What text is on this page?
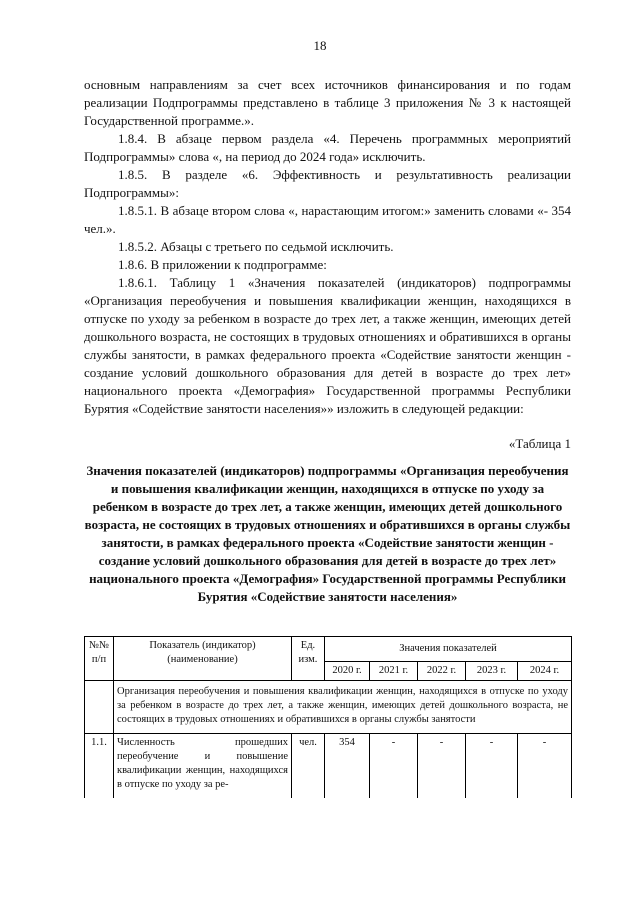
18

основным направлениям за счет всех источников финансирования и по годам реализации Подпрограммы представлено в таблице 3 приложения № 3 к настоящей Государственной программе.».

1.8.4. В абзаце первом раздела «4. Перечень программных мероприятий Подпрограммы» слова «, на период до 2024 года» исключить.

1.8.5. В разделе «6. Эффективность и результативность реализации Подпрограммы»:

1.8.5.1. В абзаце втором слова «, нарастающим итогом:» заменить словами «- 354 чел.».

1.8.5.2. Абзацы с третьего по седьмой исключить.

1.8.6. В приложении к подпрограмме:

1.8.6.1. Таблицу 1 «Значения показателей (индикаторов) подпрограммы «Организация переобучения и повышения квалификации женщин, находящихся в отпуске по уходу за ребенком в возрасте до трех лет, а также женщин, имеющих детей дошкольного возраста, не состоящих в трудовых отношениях и обратившихся в органы службы занятости, в рамках федерального проекта «Содействие занятости женщин - создание условий дошкольного образования для детей в возрасте до трех лет» национального проекта «Демография» Государственной программы Республики Бурятия «Содействие занятости населения»» изложить в следующей редакции:

«Таблица 1
Значения показателей (индикаторов) подпрограммы «Организация переобучения и повышения квалификации женщин, находящихся в отпуске по уходу за ребенком в возрасте до трех лет, а также женщин, имеющих детей дошкольного возраста, не состоящих в трудовых отношениях и обратившихся в органы службы занятости, в рамках федерального проекта «Содействие занятости женщин - создание условий дошкольного образования для детей в возрасте до трех лет» национального проекта «Демография» Государственной программы Республики Бурятия «Содействие занятости населения»
№№ п/п	Показатель (индикатор) (наименование)	Ед. изм.	Значения показателей				
			2020 г.	2021 г.	2022 г.	2023 г.	2024 г.
	Организация переобучения и повышения квалификации женщин, находящихся в отпуске по уходу за ребенком в возрасте до трех лет, а также женщин, имеющих детей дошкольного возраста, не состоящих в трудовых отношениях и обратившихся в органы службы занятости						
1.1.	Численность прошедших переобучение и повышение квалификации женщин, находящихся в отпуске по уходу за ре-	чел.	354	-	-	-	-
